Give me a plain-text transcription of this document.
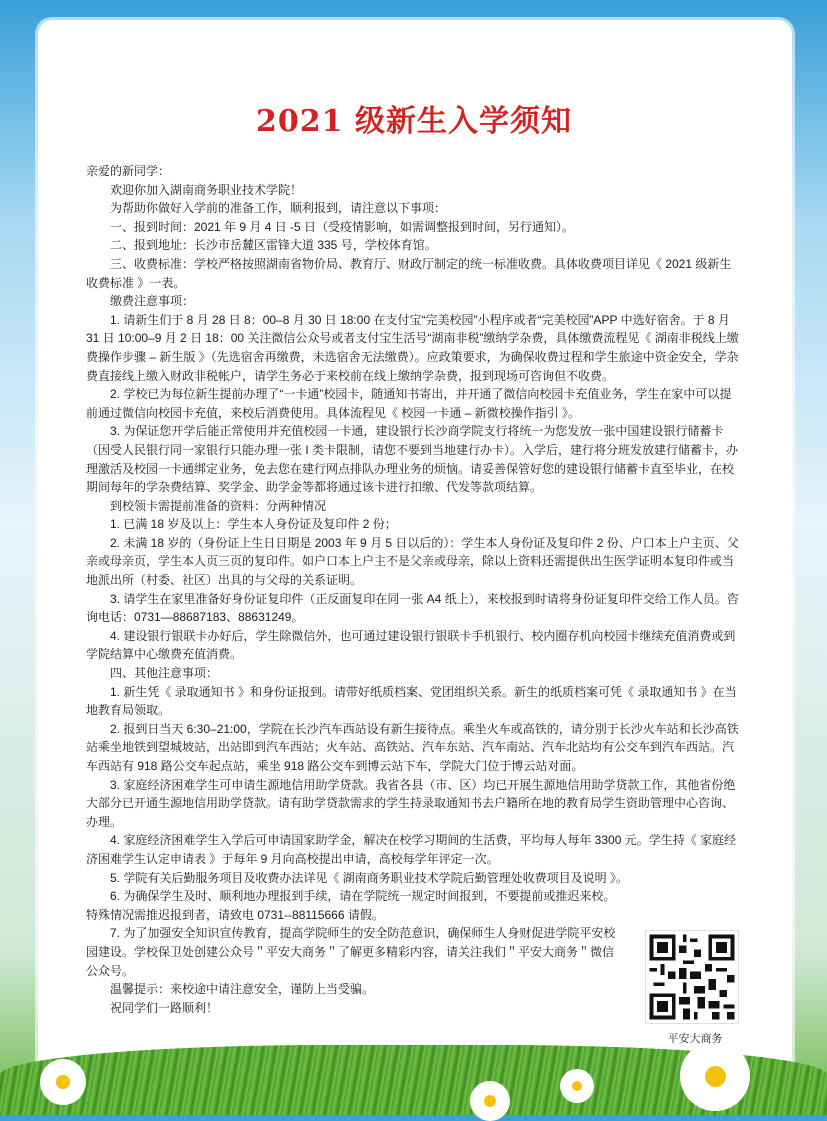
2021 级新生入学须知

亲爱的新同学：

欢迎你加入湖南商务职业技术学院！

为帮助你做好入学前的准备工作，顺利报到，请注意以下事项：

一、报到时间：2021 年 9 月 4 日 -5 日（受疫情影响，如需调整报到时间，另行通知）。

二、报到地址：长沙市岳麓区雷锋大道 335 号，学校体育馆。

三、收费标准：学校严格按照湖南省物价局、教育厅、财政厅制定的统一标准收费。具体收费项目详见《 2021 级新生收费标准 》一表。

缴费注意事项：

1. 请新生们于 8 月 28 日 8：00–8 月 30 日 18:00 在支付宝“完美校园”小程序或者“完美校园”APP 中选好宿舍。于 8 月 31 日 10:00–9 月 2 日 18：00 关注微信公众号或者支付宝生活号“湖南非税”缴纳学杂费，具体缴费流程见《 湖南非税线上缴费操作步骤 – 新生版 》（先选宿舍再缴费，未选宿舍无法缴费）。应政策要求，为确保收费过程和学生旅途中资金安全，学杂费直接线上缴入财政非税帐户，请学生务必于来校前在线上缴纳学杂费，报到现场可咨询但不收费。

2. 学校已为每位新生提前办理了“一卡通”校园卡，随通知书寄出，并开通了微信向校园卡充值业务，学生在家中可以提前通过微信向校园卡充值，来校后消费使用。具体流程见《 校园一卡通 – 新微校操作指引 》。

3. 为保证您开学后能正常使用并充值校园一卡通，建设银行长沙商学院支行将统一为您发放一张中国建设银行储蓄卡（因受人民银行同一家银行只能办理一张 I 类卡限制，请您不要到当地建行办卡）。入学后，建行将分班发放建行储蓄卡，办理激活及校园一卡通绑定业务，免去您在建行网点排队办理业务的烦恼。请妥善保管好您的建设银行储蓄卡直至毕业，在校期间每年的学杂费结算、奖学金、助学金等都将通过该卡进行扣缴、代发等款项结算。

到校领卡需提前准备的资料：分两种情况

1. 已满 18 岁及以上：学生本人身份证及复印件 2 份；

2. 未满 18 岁的（身份证上生日日期是 2003 年 9 月 5 日以后的）：学生本人身份证及复印件 2 份、户口本上户主页、父亲或母亲页，学生本人页三页的复印件。如户口本上户主不是父亲或母亲，除以上资料还需提供出生医学证明本复印件或当地派出所（村委、社区）出具的与父母的关系证明。

3. 请学生在家里准备好身份证复印件（正反面复印在同一张 A4 纸上），来校报到时请将身份证复印件交给工作人员。咨询电话：0731—88687183、88631249。

4. 建设银行银联卡办好后，学生除微信外，也可通过建设银行银联卡手机银行、校内圈存机向校园卡继续充值消费或到学院结算中心缴费充值消费。

四、其他注意事项：

1. 新生凭《 录取通知书 》和身份证报到。请带好纸质档案、党团组织关系。新生的纸质档案可凭《 录取通知书 》在当地教育局领取。

2. 报到日当天 6:30–21:00，学院在长沙汽车西站设有新生接待点。乘坐火车或高铁的，请分别于长沙火车站和长沙高铁站乘坐地铁到望城坡站，出站即到汽车西站；火车站、高铁站、汽车东站、汽车南站、汽车北站均有公交车到汽车西站。汽车西站有 918 路公交车起点站，乘坐 918 路公交车到博云站下车，学院大门位于博云站对面。

3. 家庭经济困难学生可申请生源地信用助学贷款。我省各县（市、区）均已开展生源地信用助学贷款工作，其他省份绝大部分已开通生源地信用助学贷款。请有助学贷款需求的学生持录取通知书去户籍所在地的教育局学生资助管理中心咨询、办理。

4. 家庭经济困难学生入学后可申请国家助学金，解决在校学习期间的生活费，平均每人每年 3300 元。学生持《 家庭经济困难学生认定申请表 》于每年 9 月向高校提出申请，高校每学年评定一次。

5. 学院有关后勤服务项目及收费办法详见《 湖南商务职业技术学院后勤管理处收费项目及说明 》。

6. 为确保学生及时、顺利地办理报到手续，请在学院统一规定时间报到，不要提前或推迟来校。特殊情况需推迟报到者，请致电 0731--88115666 请假。

7. 为了加强安全知识宣传教育，提高学院师生的安全防范意识，确保师生人身财促进学院平安校园建设。学校保卫处创建公众号＂平安大商务＂了解更多精彩内容，请关注我们＂平安大商务＂微信公众号。

温馨提示：来校途中请注意安全，谨防上当受骗。

祝同学们一路顺利！

平安大商务
